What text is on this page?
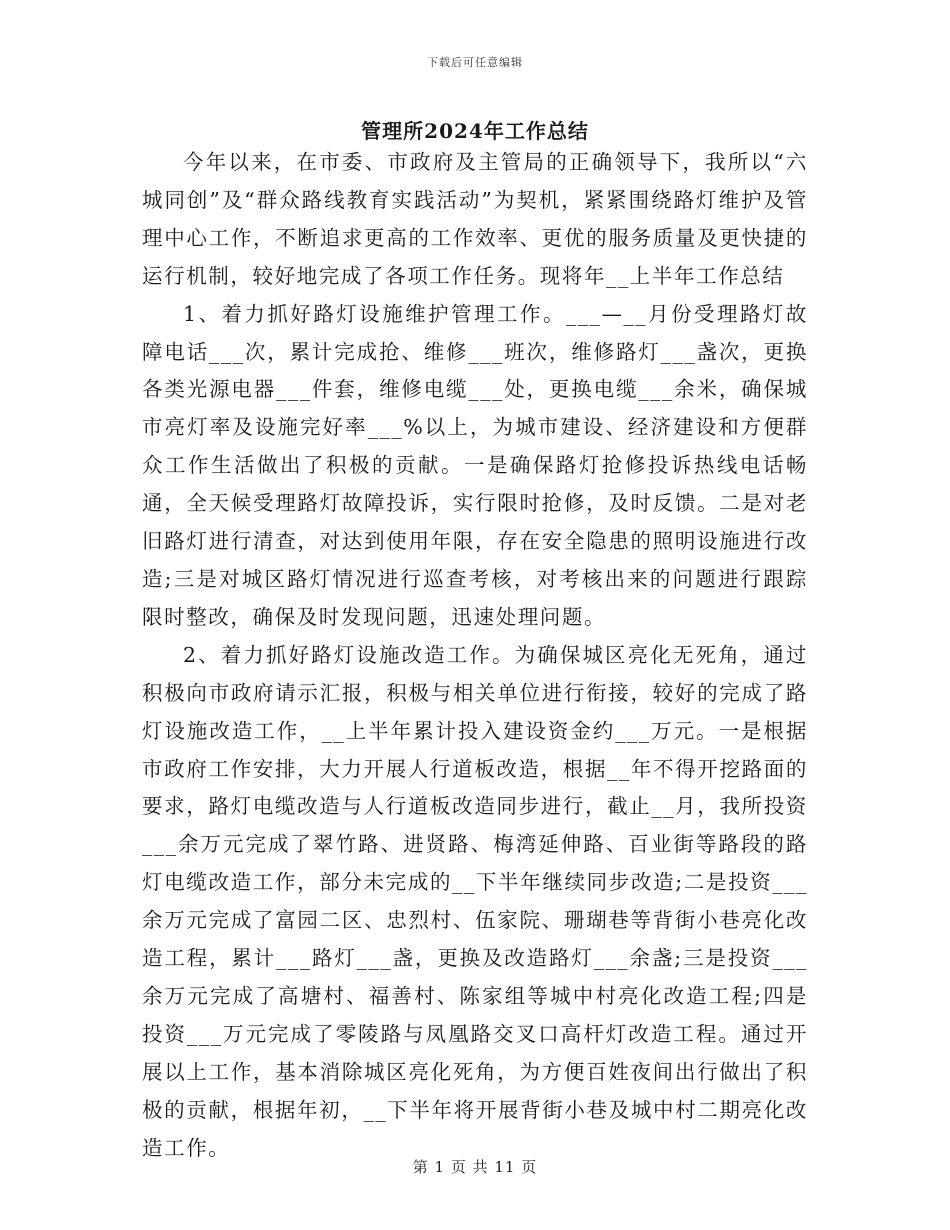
下载后可任意编辑
管理所2024年工作总结

今年以来，在市委、市政府及主管局的正确领导下，我所以“六城同创”及“群众路线教育实践活动”为契机，紧紧围绕路灯维护及管理中心工作，不断追求更高的工作效率、更优的服务质量及更快捷的运行机制，较好地完成了各项工作任务。现将年__上半年工作总结

1、着力抓好路灯设施维护管理工作。___—__月份受理路灯故障电话___次，累计完成抢、维修___班次，维修路灯___盏次，更换各类光源电器___件套，维修电缆___处，更换电缆___余米，确保城市亮灯率及设施完好率___%以上，为城市建设、经济建设和方便群众工作生活做出了积极的贡献。一是确保路灯抢修投诉热线电话畅通，全天候受理路灯故障投诉，实行限时抢修，及时反馈。二是对老旧路灯进行清查，对达到使用年限，存在安全隐患的照明设施进行改造;三是对城区路灯情况进行巡查考核，对考核出来的问题进行跟踪限时整改，确保及时发现问题，迅速处理问题。

2、着力抓好路灯设施改造工作。为确保城区亮化无死角，通过积极向市政府请示汇报，积极与相关单位进行衔接，较好的完成了路灯设施改造工作，__上半年累计投入建设资金约___万元。一是根据市政府工作安排，大力开展人行道板改造，根据__年不得开挖路面的要求，路灯电缆改造与人行道板改造同步进行，截止__月，我所投资___余万元完成了翠竹路、进贤路、梅湾延伸路、百业街等路段的路灯电缆改造工作，部分未完成的__下半年继续同步改造;二是投资___余万元完成了富园二区、忠烈村、伍家院、珊瑚巷等背街小巷亮化改造工程，累计___路灯___盏，更换及改造路灯___余盏;三是投资___余万元完成了高塘村、福善村、陈家组等城中村亮化改造工程;四是投资___万元完成了零陵路与凤凰路交叉口高杆灯改造工程。通过开展以上工作，基本消除城区亮化死角，为方便百姓夜间出行做出了积极的贡献，根据年初，__下半年将开展背街小巷及城中村二期亮化改造工作。

第 1 页 共 11 页
